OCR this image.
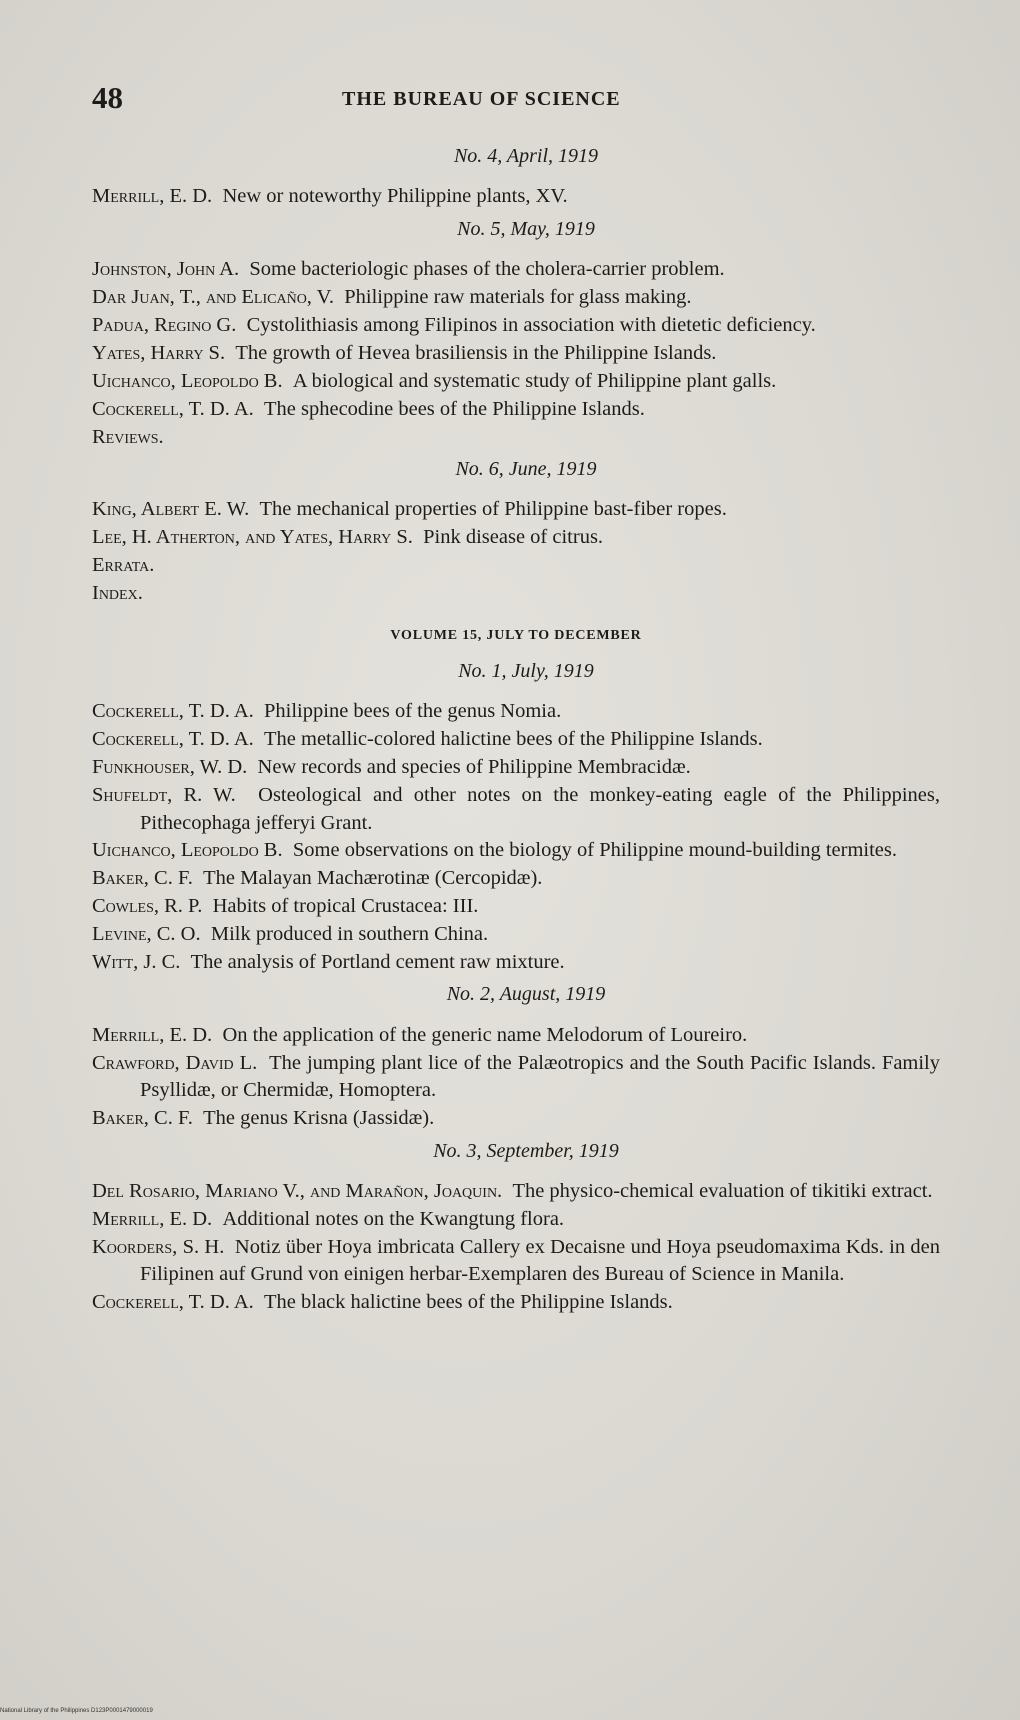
48	THE BUREAU OF SCIENCE
No. 4, April, 1919
Merrill, E. D. New or noteworthy Philippine plants, XV.
No. 5, May, 1919
Johnston, John A. Some bacteriologic phases of the cholera-carrier problem.
Dar Juan, T., and Elicaño, V. Philippine raw materials for glass making.
Padua, Regino G. Cystolithiasis among Filipinos in association with dietetic deficiency.
Yates, Harry S. The growth of Hevea brasiliensis in the Philippine Islands.
Uichanco, Leopoldo B. A biological and systematic study of Philippine plant galls.
Cockerell, T. D. A. The sphecodine bees of the Philippine Islands.
Reviews.
No. 6, June, 1919
King, Albert E. W. The mechanical properties of Philippine bast-fiber ropes.
Lee, H. Atherton, and Yates, Harry S. Pink disease of citrus.
Errata.
Index.
VOLUME 15, JULY TO DECEMBER
No. 1, July, 1919
Cockerell, T. D. A. Philippine bees of the genus Nomia.
Cockerell, T. D. A. The metallic-colored halictine bees of the Philippine Islands.
Funkhouser, W. D. New records and species of Philippine Membracidæ.
Shufeldt, R. W. Osteological and other notes on the monkey-eating eagle of the Philippines, Pithecophaga jefferyi Grant.
Uichanco, Leopoldo B. Some observations on the biology of Philippine mound-building termites.
Baker, C. F. The Malayan Machærotinæ (Cercopidæ).
Cowles, R. P. Habits of tropical Crustacea: III.
Levine, C. O. Milk produced in southern China.
Witt, J. C. The analysis of Portland cement raw mixture.
No. 2, August, 1919
Merrill, E. D. On the application of the generic name Melodorum of Loureiro.
Crawford, David L. The jumping plant lice of the Palæotropics and the South Pacific Islands. Family Psyllidæ, or Chermidæ, Homoptera.
Baker, C. F. The genus Krisna (Jassidæ).
No. 3, September, 1919
Del Rosario, Mariano V., and Marañon, Joaquin. The physico-chemical evaluation of tikitiki extract.
Merrill, E. D. Additional notes on the Kwangtung flora.
Koorders, S. H. Notiz über Hoya imbricata Callery ex Decaisne und Hoya pseudomaxima Kds. in den Filipinen auf Grund von einigen herbar-Exemplaren des Bureau of Science in Manila.
Cockerell, T. D. A. The black halictine bees of the Philippine Islands.
National Library of the Philippines D123P0001479000019
